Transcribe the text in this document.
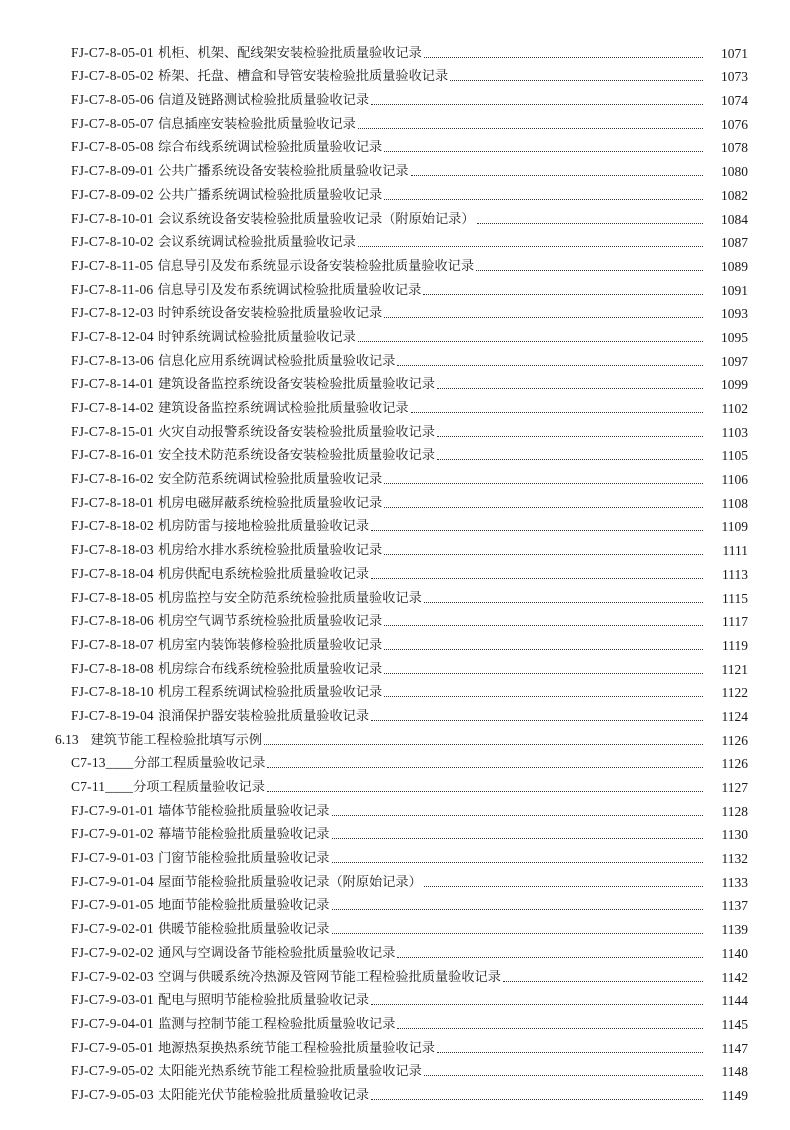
FJ-C7-8-05-01 机柜、机架、配线架安装检验批质量验收记录	1071
FJ-C7-8-05-02 桥架、托盘、槽盒和导管安装检验批质量验收记录	1073
FJ-C7-8-05-06 信道及链路测试检验批质量验收记录	1074
FJ-C7-8-05-07 信息插座安装检验批质量验收记录	1076
FJ-C7-8-05-08 综合布线系统调试检验批质量验收记录	1078
FJ-C7-8-09-01 公共广播系统设备安装检验批质量验收记录	1080
FJ-C7-8-09-02 公共广播系统调试检验批质量验收记录	1082
FJ-C7-8-10-01 会议系统设备安装检验批质量验收记录（附原始记录）	1084
FJ-C7-8-10-02 会议系统调试检验批质量验收记录	1087
FJ-C7-8-11-05 信息导引及发布系统显示设备安装检验批质量验收记录	1089
FJ-C7-8-11-06 信息导引及发布系统调试检验批质量验收记录	1091
FJ-C7-8-12-03 时钟系统设备安装检验批质量验收记录	1093
FJ-C7-8-12-04 时钟系统调试检验批质量验收记录	1095
FJ-C7-8-13-06 信息化应用系统调试检验批质量验收记录	1097
FJ-C7-8-14-01 建筑设备监控系统设备安装检验批质量验收记录	1099
FJ-C7-8-14-02 建筑设备监控系统调试检验批质量验收记录	1102
FJ-C7-8-15-01 火灾自动报警系统设备安装检验批质量验收记录	1103
FJ-C7-8-16-01 安全技术防范系统设备安装检验批质量验收记录	1105
FJ-C7-8-16-02 安全防范系统调试检验批质量验收记录	1106
FJ-C7-8-18-01 机房电磁屏蔽系统检验批质量验收记录	1108
FJ-C7-8-18-02 机房防雷与接地检验批质量验收记录	1109
FJ-C7-8-18-03 机房给水排水系统检验批质量验收记录	1111
FJ-C7-8-18-04 机房供配电系统检验批质量验收记录	1113
FJ-C7-8-18-05 机房监控与安全防范系统检验批质量验收记录	1115
FJ-C7-8-18-06 机房空气调节系统检验批质量验收记录	1117
FJ-C7-8-18-07 机房室内装饰装修检验批质量验收记录	1119
FJ-C7-8-18-08 机房综合布线系统检验批质量验收记录	1121
FJ-C7-8-18-10 机房工程系统调试检验批质量验收记录	1122
FJ-C7-8-19-04 浪涌保护器安装检验批质量验收记录	1124
6.13 建筑节能工程检验批填写示例	1126
C7-13____分部工程质量验收记录	1126
C7-11____分项工程质量验收记录	1127
FJ-C7-9-01-01 墙体节能检验批质量验收记录	1128
FJ-C7-9-01-02 幕墙节能检验批质量验收记录	1130
FJ-C7-9-01-03 门窗节能检验批质量验收记录	1132
FJ-C7-9-01-04 屋面节能检验批质量验收记录（附原始记录）	1133
FJ-C7-9-01-05 地面节能检验批质量验收记录	1137
FJ-C7-9-02-01 供暖节能检验批质量验收记录	1139
FJ-C7-9-02-02 通风与空调设备节能检验批质量验收记录	1140
FJ-C7-9-02-03 空调与供暖系统冷热源及管网节能工程检验批质量验收记录	1142
FJ-C7-9-03-01 配电与照明节能检验批质量验收记录	1144
FJ-C7-9-04-01 监测与控制节能工程检验批质量验收记录	1145
FJ-C7-9-05-01 地源热泵换热系统节能工程检验批质量验收记录	1147
FJ-C7-9-05-02 太阳能光热系统节能工程检验批质量验收记录	1148
FJ-C7-9-05-03 太阳能光伏节能检验批质量验收记录	1149
